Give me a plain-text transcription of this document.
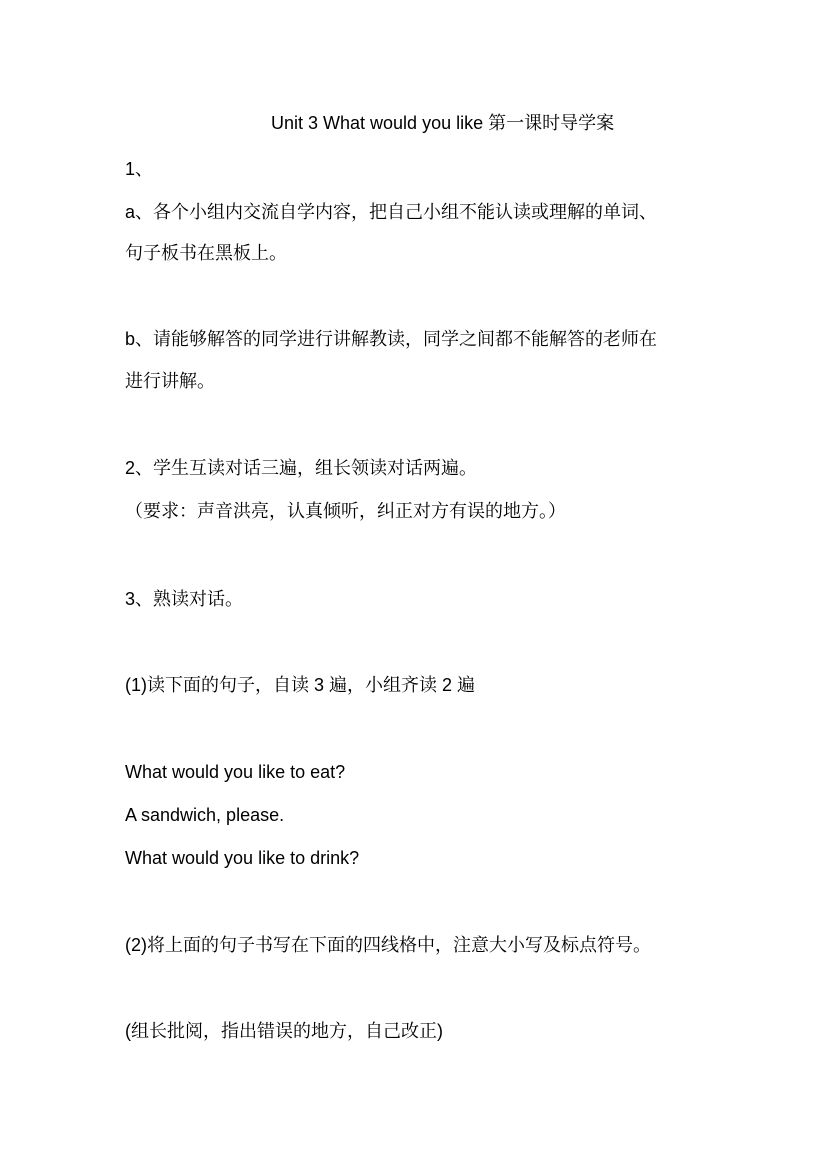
Unit 3 What would you like 第一课时导学案
1、
a、各个小组内交流自学内容，把自己小组不能认读或理解的单词、
句子板书在黑板上。
b、请能够解答的同学进行讲解教读，同学之间都不能解答的老师在
进行讲解。
2、学生互读对话三遍，组长领读对话两遍。
（要求：声音洪亮，认真倾听，纠正对方有误的地方。）
3、熟读对话。
(1)读下面的句子，自读 3 遍，小组齐读 2 遍
What would you like to eat?
A sandwich, please.
What would you like to drink?
(2)将上面的句子书写在下面的四线格中，注意大小写及标点符号。
(组长批阅，指出错误的地方，自己改正)
